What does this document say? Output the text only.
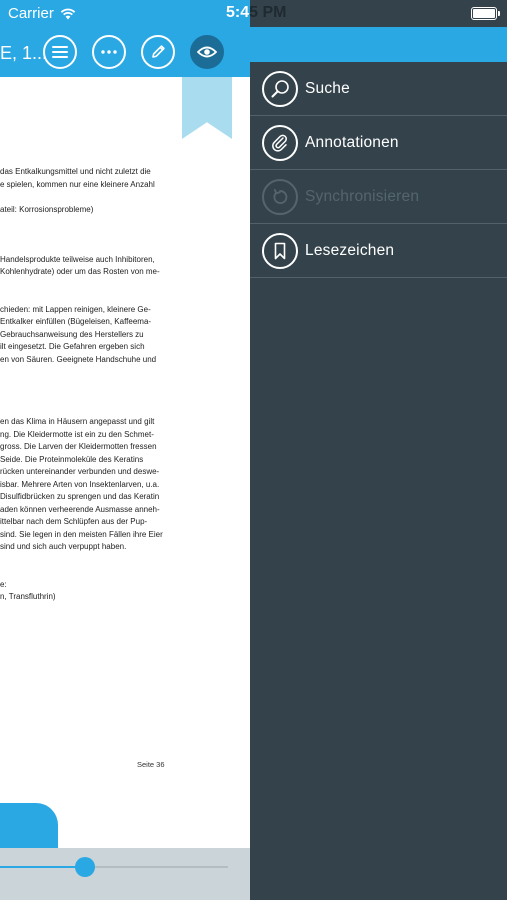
Carrier	5:45 PM
E, 1...
das Entkalkungsmittel und nicht zuletzt die
e spielen, kommen nur eine kleinere Anzahl
ateil: Korrosionsprobleme)
Handelsprodukte teilweise auch Inhibitoren,
Kohlenhydrate) oder um das Rosten von me-
chieden: mit Lappen reinigen, kleinere Ge-
Entkalker einfüllen (Bügeleisen, Kaffeema-
Gebrauchsanweisung des Herstellers zu
ilt eingesetzt. Die Gefahren ergeben sich
en von Säuren. Geeignete Handschuhe und
en das Klima in Häusern angepasst und gilt
ng. Die Kleidermotte ist ein zu den Schmet-
gross. Die Larven der Kleidermotten fressen
Seide. Die Proteinmoleküle des Keratins
rücken untereinander verbunden und deswe-
isbar. Mehrere Arten von Insektenlarven, u.a.
Disulfidbrücken zu sprengen und das Keratin
aden können verheerende Ausmasse anneh-
ittelbar nach dem Schlüpfen aus der Pup-
sind. Sie legen in den meisten Fällen ihre Eier
sind und sich auch verpuppt haben.
e:
n, Transfluthrin)
Seite 36
Suche
Annotationen
Synchronisieren
Lesezeichen
